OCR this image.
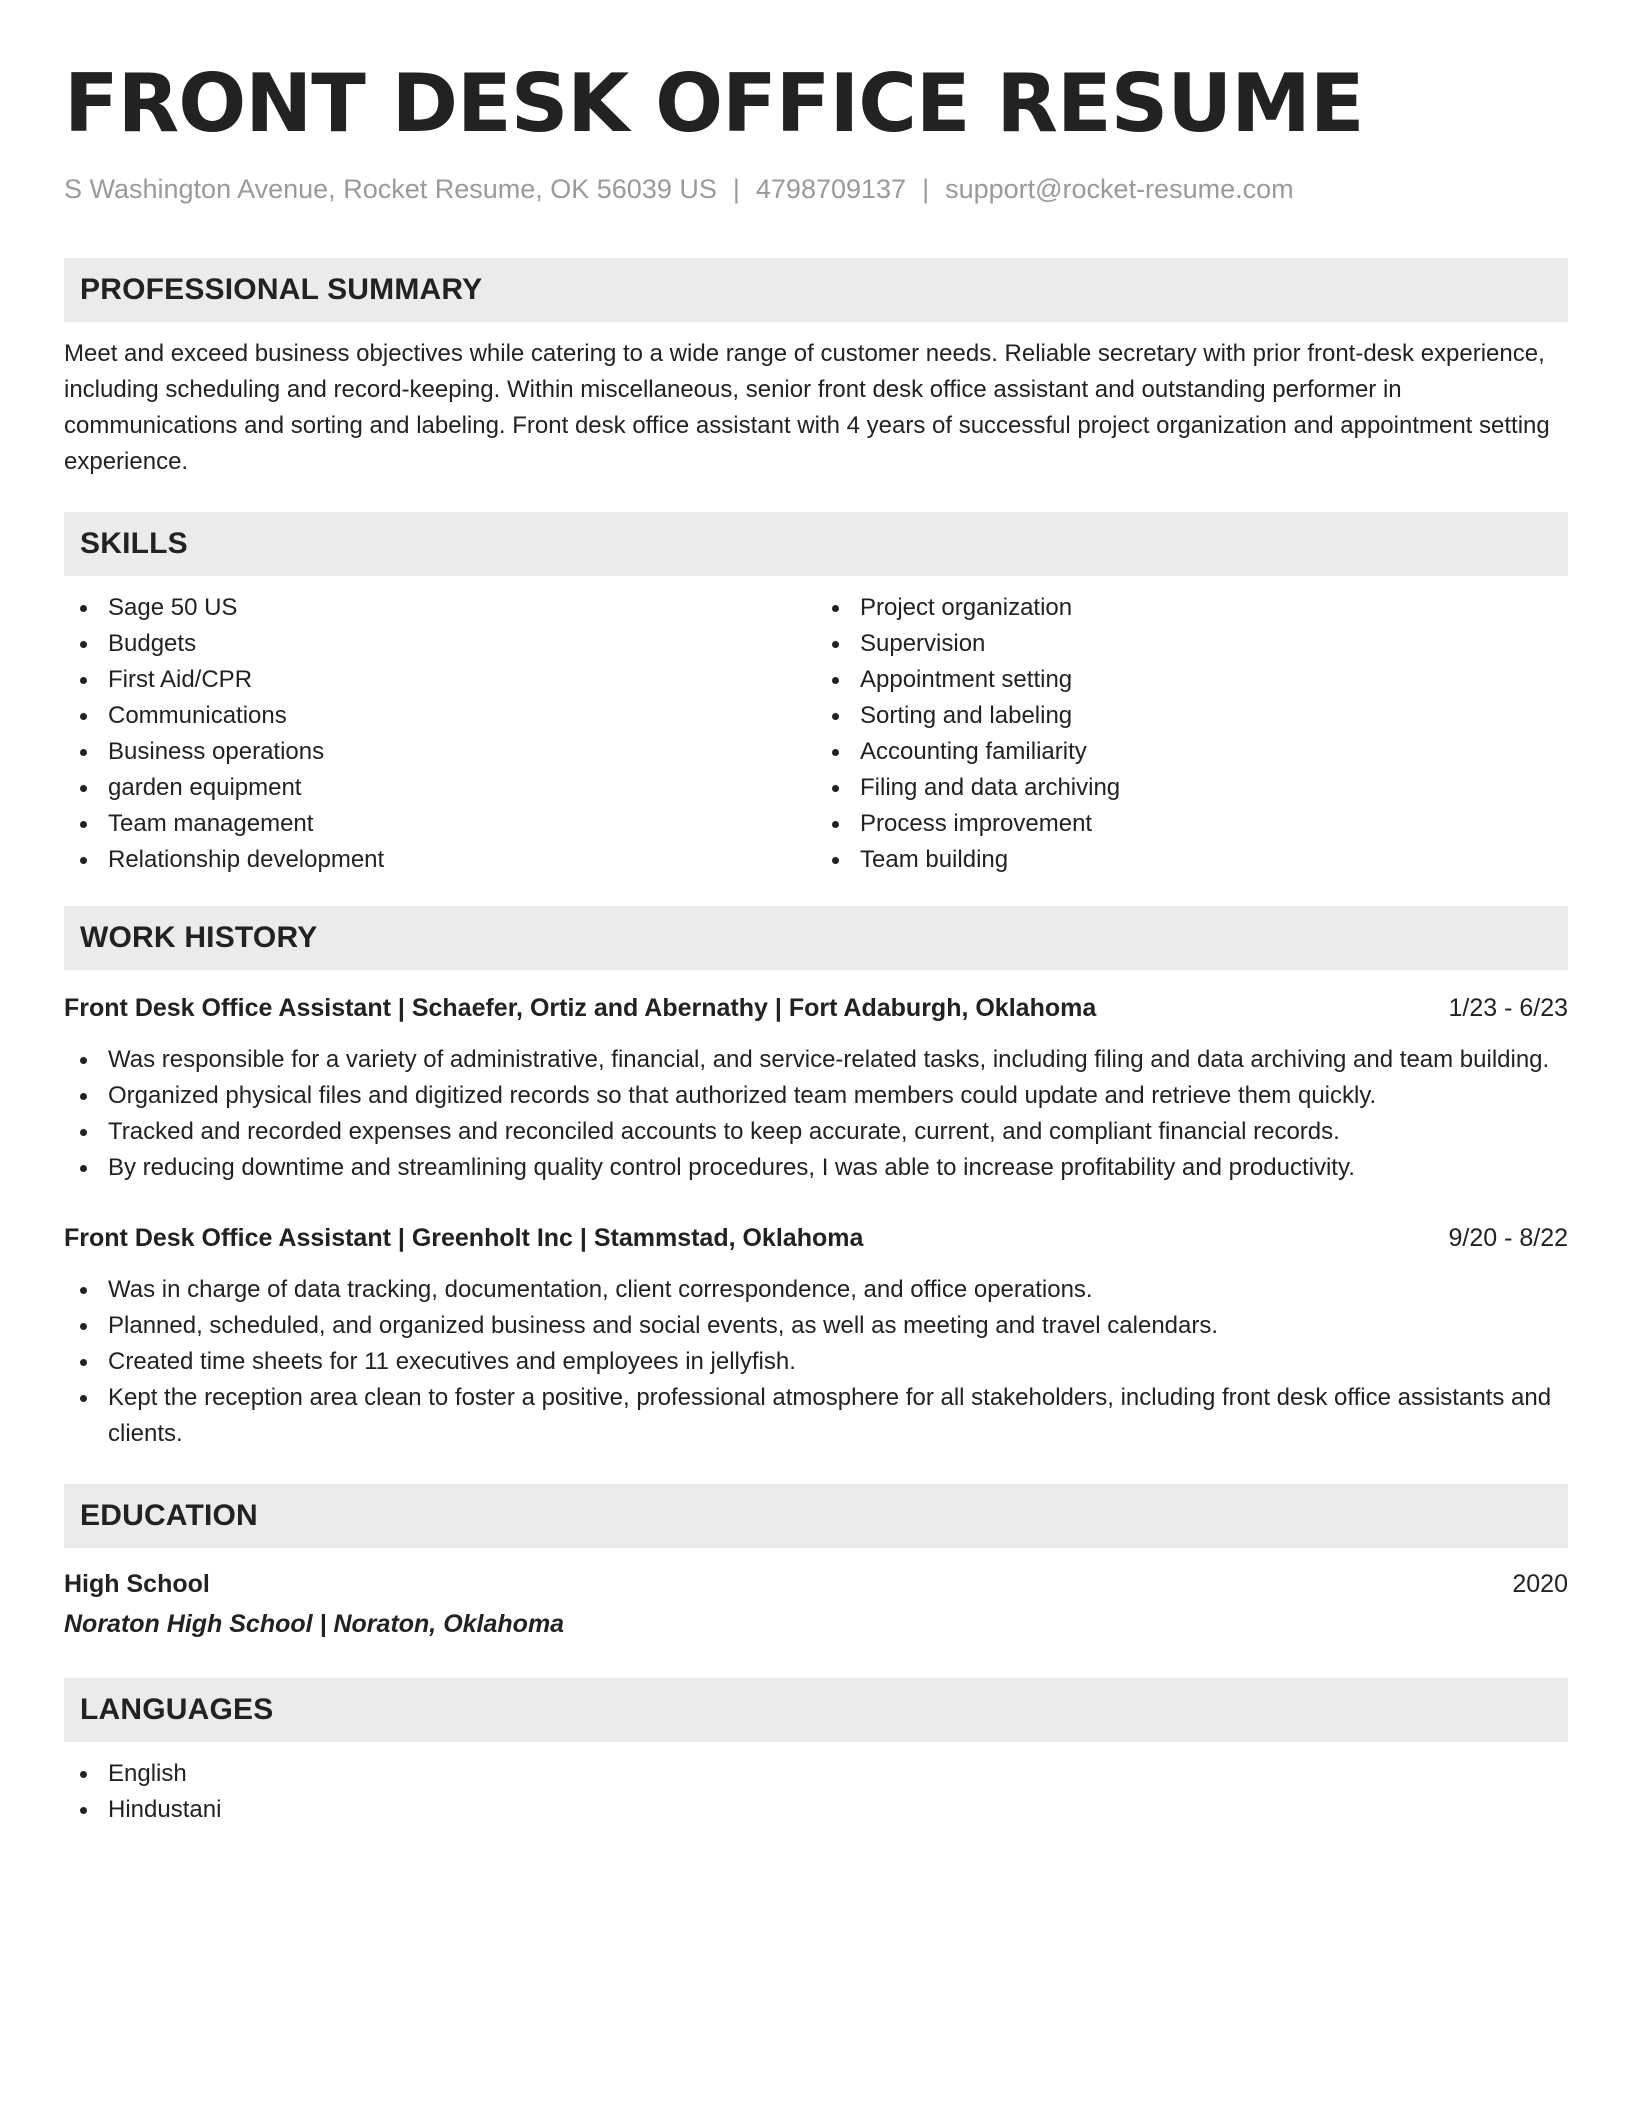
FRONT DESK OFFICE RESUME
S Washington Avenue, Rocket Resume, OK 56039 US | 4798709137 | support@rocket-resume.com
PROFESSIONAL SUMMARY

Meet and exceed business objectives while catering to a wide range of customer needs. Reliable secretary with prior front-desk experience, including scheduling and record-keeping. Within miscellaneous, senior front desk office assistant and outstanding performer in communications and sorting and labeling. Front desk office assistant with 4 years of successful project organization and appointment setting experience.

SKILLS
Sage 50 US
Budgets
First Aid/CPR
Communications
Business operations
garden equipment
Team management
Relationship development
Project organization
Supervision
Appointment setting
Sorting and labeling
Accounting familiarity
Filing and data archiving
Process improvement
Team building
WORK HISTORY
Front Desk Office Assistant | Schaefer, Ortiz and Abernathy | Fort Adaburgh, Oklahoma	1/23 - 6/23
Was responsible for a variety of administrative, financial, and service-related tasks, including filing and data archiving and team building.
Organized physical files and digitized records so that authorized team members could update and retrieve them quickly.
Tracked and recorded expenses and reconciled accounts to keep accurate, current, and compliant financial records.
By reducing downtime and streamlining quality control procedures, I was able to increase profitability and productivity.
Front Desk Office Assistant | Greenholt Inc | Stammstad, Oklahoma	9/20 - 8/22
Was in charge of data tracking, documentation, client correspondence, and office operations.
Planned, scheduled, and organized business and social events, as well as meeting and travel calendars.
Created time sheets for 11 executives and employees in jellyfish.
Kept the reception area clean to foster a positive, professional atmosphere for all stakeholders, including front desk office assistants and clients.
EDUCATION
High School	2020
Noraton High School | Noraton, Oklahoma
LANGUAGES
English
Hindustani
